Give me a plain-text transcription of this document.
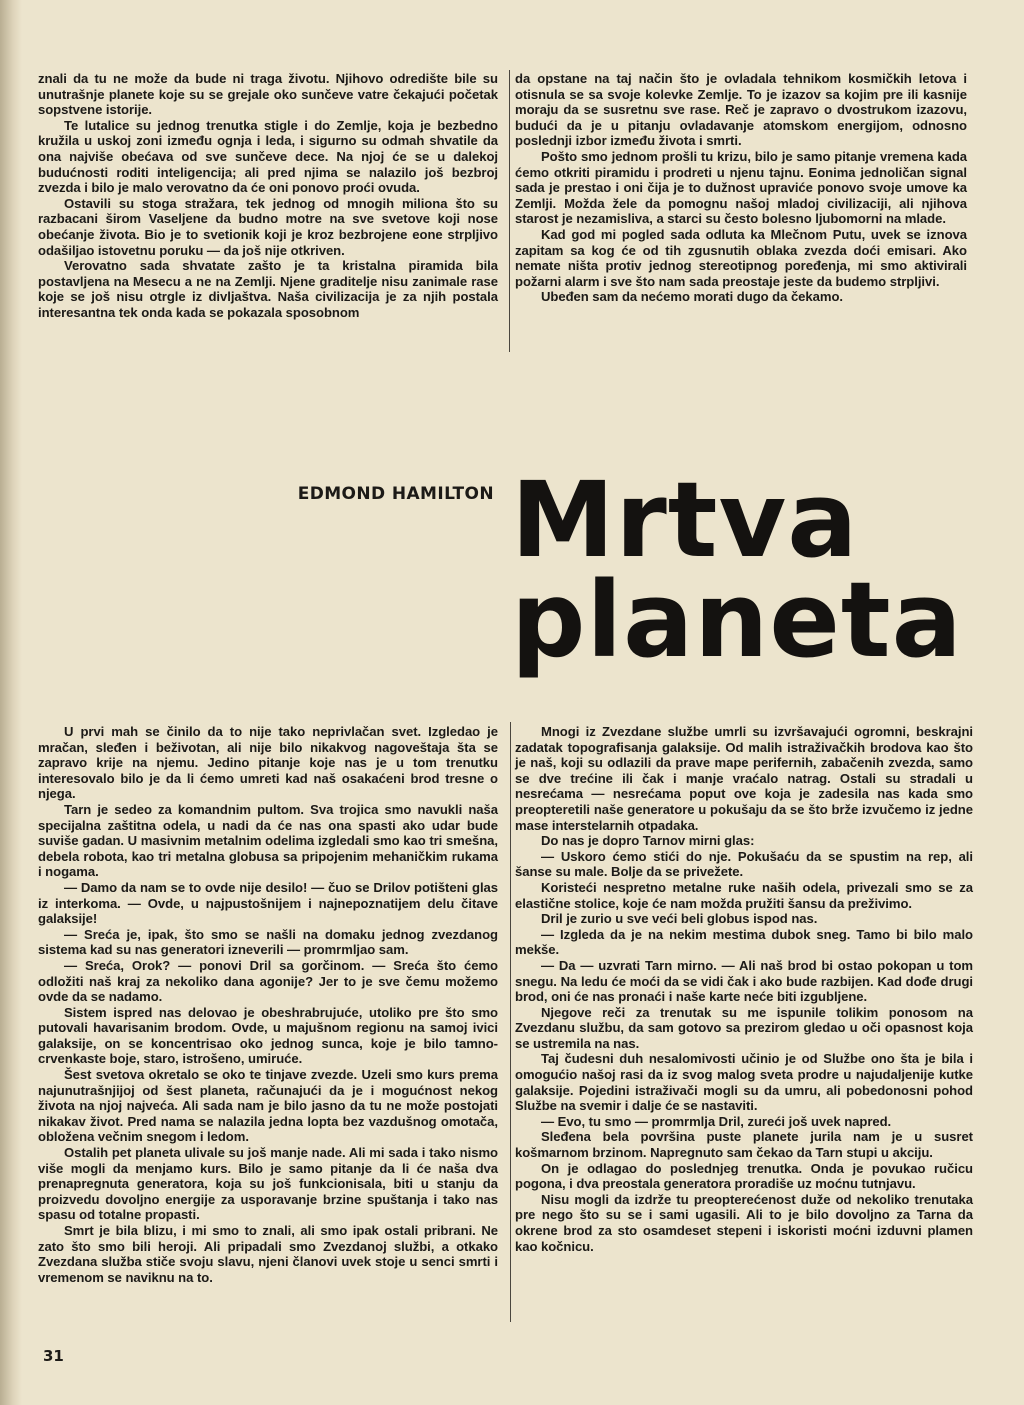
znali da tu ne može da bude ni traga životu. Njihovo odredište bile su unutrašnje planete koje su se grejale oko sunčeve vatre čekajući početak sopstvene istorije.

Te lutalice su jednog trenutka stigle i do Zemlje, koja je bezbedno kružila u uskoj zoni između ognja i leda, i sigurno su odmah shvatile da ona najviše obećava od sve sunčeve dece. Na njoj će se u dalekoj budućnosti roditi inteligencija; ali pred njima se nalazilo još bezbroj zvezda i bilo je malo verovatno da će oni ponovo proći ovuda.

Ostavili su stoga stražara, tek jednog od mnogih miliona što su razbacani širom Vaseljene da budno motre na sve svetove koji nose obećanje života. Bio je to svetionik koji je kroz bezbrojene eone strpljivo odašiljao istovetnu poruku — da još nije otkriven.

Verovatno sada shvatate zašto je ta kristalna piramida bila postavljena na Mesecu a ne na Zemlji. Njene graditelje nisu zanimale rase koje se još nisu otrgle iz divljaštva. Naša civilizacija je za njih postala interesantna tek onda kada se pokazala sposobnom

da opstane na taj način što je ovladala tehnikom kosmičkih letova i otisnula se sa svoje kolevke Zemlje. To je izazov sa kojim pre ili kasnije moraju da se susretnu sve rase. Reč je zapravo o dvostrukom izazovu, budući da je u pitanju ovladavanje atomskom energijom, odnosno poslednji izbor između života i smrti.

Pošto smo jednom prošli tu krizu, bilo je samo pitanje vremena kada ćemo otkriti piramidu i prodreti u njenu tajnu. Eonima jednoličan signal sada je prestao i oni čija je to dužnost upraviće ponovo svoje umove ka Zemlji. Možda žele da pomognu našoj mladoj civilizaciji, ali njihova starost je nezamisliva, a starci su često bolesno ljubomorni na mlade.

Kad god mi pogled sada odluta ka Mlečnom Putu, uvek se iznova zapitam sa kog će od tih zgusnutih oblaka zvezda doći emisari. Ako nemate ništa protiv jednog stereotipnog poređenja, mi smo aktivirali požarni alarm i sve što nam sada preostaje jeste da budemo strpljivi.

Ubeđen sam da nećemo morati dugo da čekamo.

EDMOND HAMILTON Mrtva
planeta

U prvi mah se činilo da to nije tako neprivlačan svet. Izgledao je mračan, sleđen i beživotan, ali nije bilo nikakvog nagoveštaja šta se zapravo krije na njemu. Jedino pitanje koje nas je u tom trenutku interesovalo bilo je da li ćemo umreti kad naš osakaćeni brod tresne o njega.

Tarn je sedeo za komandnim pultom. Sva trojica smo navukli naša specijalna zaštitna odela, u nadi da će nas ona spasti ako udar bude suviše gadan. U masivnim metalnim odelima izgledali smo kao tri smešna, debela robota, kao tri metalna globusa sa pripojenim mehaničkim rukama i nogama.

— Damo da nam se to ovde nije desilo! — čuo se Drilov potišteni glas iz interkoma. — Ovde, u najpustošnijem i najnepoznatijem delu čitave galaksije!

— Sreća je, ipak, što smo se našli na domaku jednog zvezdanog sistema kad su nas generatori izneverili — promrmljao sam.

— Sreća, Orok? — ponovi Dril sa gorčinom. — Sreća što ćemo odložiti naš kraj za nekoliko dana agonije? Jer to je sve čemu možemo ovde da se nadamo.

Sistem ispred nas delovao je obeshrabrujuće, utoliko pre što smo putovali havarisanim brodom. Ovde, u majušnom regionu na samoj ivici galaksije, on se koncentrisao oko jednog sunca, koje je bilo tamno-crvenkaste boje, staro, istrošeno, umiruće.

Šest svetova okretalo se oko te tinjave zvezde. Uzeli smo kurs prema najunutrašnjijoj od šest planeta, računajući da je i mogućnost nekog života na njoj najveća. Ali sada nam je bilo jasno da tu ne može postojati nikakav život. Pred nama se nalazila jedna lopta bez vazdušnog omotača, obložena večnim snegom i ledom.

Ostalih pet planeta ulivale su još manje nade. Ali mi sada i tako nismo više mogli da menjamo kurs. Bilo je samo pitanje da li će naša dva prenapregnuta generatora, koja su još funkcionisala, biti u stanju da proizvedu dovoljno energije za usporavanje brzine spuštanja i tako nas spasu od totalne propasti.

Smrt je bila blizu, i mi smo to znali, ali smo ipak ostali pribrani. Ne zato što smo bili heroji. Ali pripadali smo Zvezdanoj službi, a otkako Zvezdana služba stiče svoju slavu, njeni članovi uvek stoje u senci smrti i vremenom se naviknu na to.

Mnogi iz Zvezdane službe umrli su izvršavajući ogromni, beskrajni zadatak topografisanja galaksije. Od malih istraživačkih brodova kao što je naš, koji su odlazili da prave mape perifernih, zabačenih zvezda, samo se dve trećine ili čak i manje vraćalo natrag. Ostali su stradali u nesrećama — nesrećama poput ove koja je zadesila nas kada smo preopteretili naše generatore u pokušaju da se što brže izvučemo iz jedne mase interstelarnih otpadaka.

Do nas je dopro Tarnov mirni glas:

— Uskoro ćemo stići do nje. Pokušaću da se spustim na rep, ali šanse su male. Bolje da se privežete.

Koristeći nespretno metalne ruke naših odela, privezali smo se za elastične stolice, koje će nam možda pružiti šansu da preživimo.

Dril je zurio u sve veći beli globus ispod nas.

— Izgleda da je na nekim mestima dubok sneg. Tamo bi bilo malo mekše.

— Da — uzvrati Tarn mirno. — Ali naš brod bi ostao pokopan u tom snegu. Na ledu će moći da se vidi čak i ako bude razbijen. Kad dođe drugi brod, oni će nas pronaći i naše karte neće biti izgubljene.

Njegove reči za trenutak su me ispunile tolikim ponosom na Zvezdanu službu, da sam gotovo sa prezirom gledao u oči opasnost koja se ustremila na nas.

Taj čudesni duh nesalomivosti učinio je od Službe ono šta je bila i omogućio našoj rasi da iz svog malog sveta prodre u najudaljenije kutke galaksije. Pojedini istraživači mogli su da umru, ali pobedonosni pohod Službe na svemir i dalje će se nastaviti.

— Evo, tu smo — promrmlja Dril, zureći još uvek napred.

Sleđena bela površina puste planete jurila nam je u susret košmarnom brzinom. Napregnuto sam čekao da Tarn stupi u akciju.

On je odlagao do poslednjeg trenutka. Onda je povukao ručicu pogona, i dva preostala generatora proradiše uz moćnu tutnjavu.

Nisu mogli da izdrže tu preopterećenost duže od nekoliko trenutaka pre nego što su se i sami ugasili. Ali to je bilo dovoljno za Tarna da okrene brod za sto osamdeset stepeni i iskoristi moćni izduvni plamen kao kočnicu.

31
